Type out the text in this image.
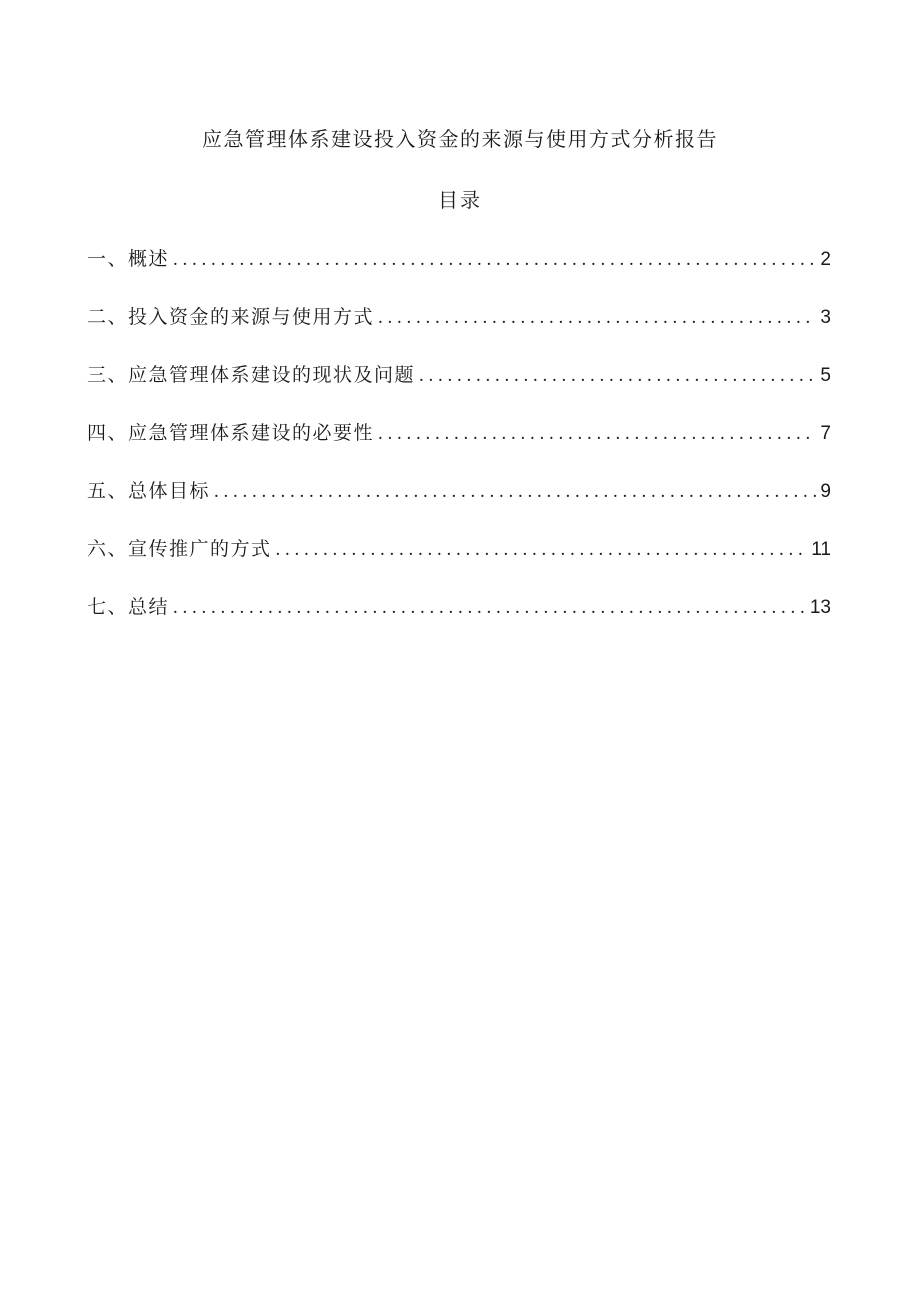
应急管理体系建设投入资金的来源与使用方式分析报告
目录
一、概述 . . .	2
二、投入资金的来源与使用方式 . . .	3
三、应急管理体系建设的现状及问题 . . .	5
四、应急管理体系建设的必要性 . . .	7
五、总体目标 . . .	9
六、宣传推广的方式 . . .	11
七、总结 . . .	13
